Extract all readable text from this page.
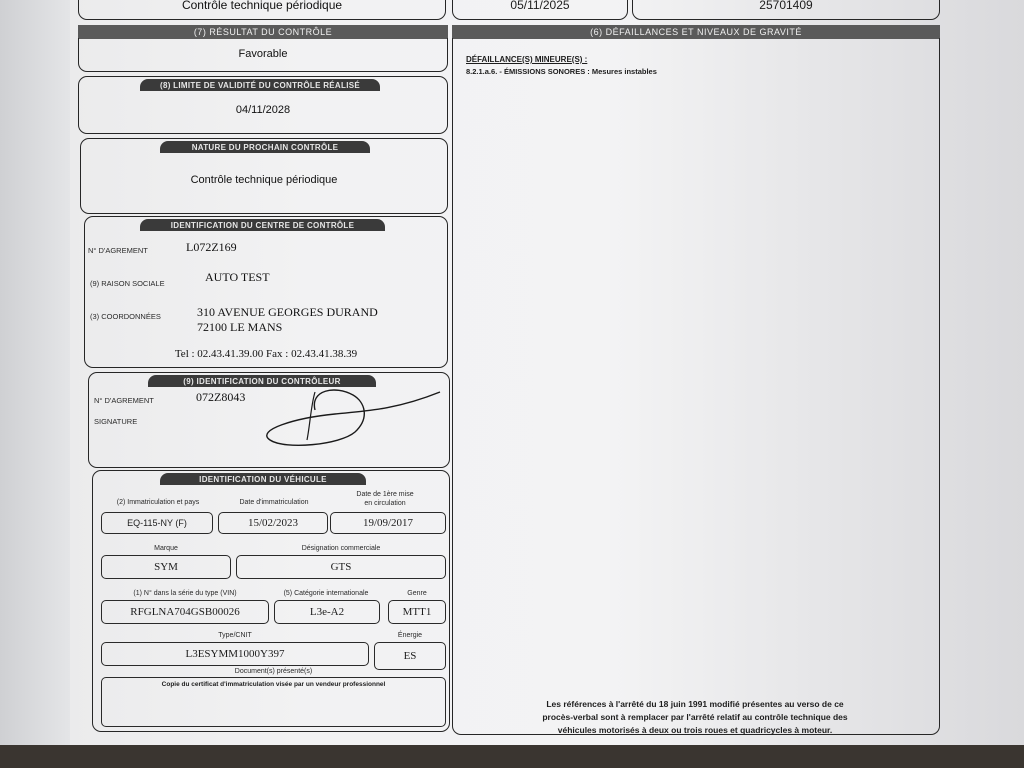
Contrôle technique périodique	05/11/2025	25701409
(7) RÉSULTAT DU CONTRÔLE	(6) DÉFAILLANCES ET NIVEAUX DE GRAVITÉ
Favorable	DÉFAILLANCE(S) MINEURE(S) :
8.2.1.a.6. - ÉMISSIONS SONORES : Mesures instables
(8) LIMITE DE VALIDITÉ DU CONTRÔLE RÉALISÉ
04/11/2028
NATURE DU PROCHAIN CONTRÔLE
Contrôle technique périodique
IDENTIFICATION DU CENTRE DE CONTRÔLE
N° D'AGREMENT	L072Z169
(9) RAISON SOCIALE	AUTO TEST
(3) COORDONNÉES	310 AVENUE GEORGES DURAND
72100 LE MANS
Tel : 02.43.41.39.00 Fax : 02.43.41.38.39
(9) IDENTIFICATION DU CONTRÔLEUR
N° D'AGREMENT	072Z8043
SIGNATURE
IDENTIFICATION DU VÉHICULE
(2) Immatriculation et pays	Date d'immatriculation
Date de 1ère mise
en circulation
EQ-115-NY (F)	15/02/2023	19/09/2017
Marque	Désignation commerciale
SYM	GTS
(1) N° dans la série du type (VIN)	(5) Catégorie internationale	Genre
RFGLNA704GSB00026	L3e-A2	MTT1
Type/CNIT	Énergie
L3ESYMM1000Y397	ES
Document(s) présenté(s)
Copie du certificat d'immatriculation visée par un vendeur professionnel
Les références à l'arrêté du 18 juin 1991 modifié présentes au verso de ce
procès-verbal sont à remplacer par l'arrêté relatif au contrôle technique des
véhicules motorisés à deux ou trois roues et quadricycles à moteur.
